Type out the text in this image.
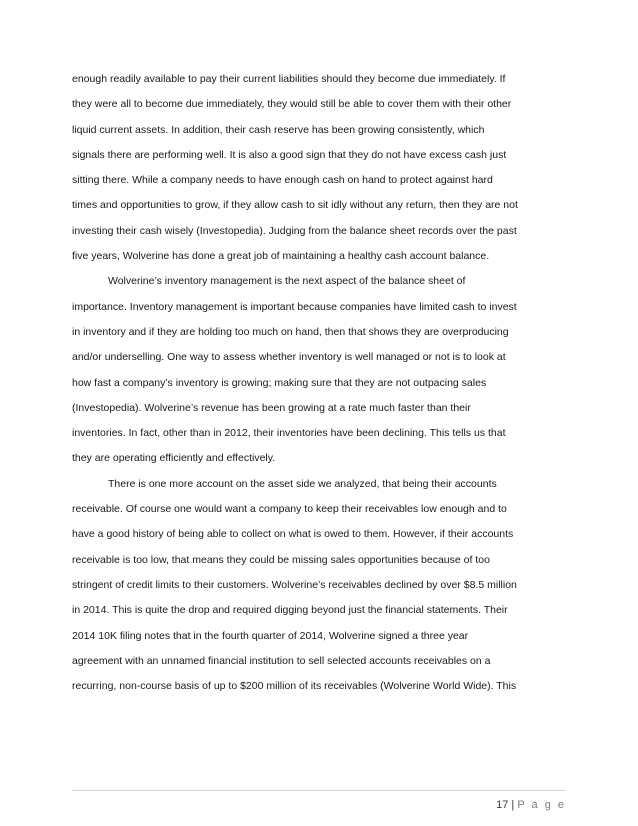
enough readily available to pay their current liabilities should they become due immediately. If
they were all to become due immediately, they would still be able to cover them with their other
liquid current assets. In addition, their cash reserve has been growing consistently, which
signals there are performing well. It is also a good sign that they do not have excess cash just
sitting there. While a company needs to have enough cash on hand to protect against hard
times and opportunities to grow, if they allow cash to sit idly without any return, then they are not
investing their cash wisely (Investopedia). Judging from the balance sheet records over the past
five years, Wolverine has done a great job of maintaining a healthy cash account balance.
Wolverine’s inventory management is the next aspect of the balance sheet of
importance. Inventory management is important because companies have limited cash to invest
in inventory and if they are holding too much on hand, then that shows they are overproducing
and/or underselling. One way to assess whether inventory is well managed or not is to look at
how fast a company’s inventory is growing; making sure that they are not outpacing sales
(Investopedia). Wolverine’s revenue has been growing at a rate much faster than their
inventories. In fact, other than in 2012, their inventories have been declining. This tells us that
they are operating efficiently and effectively.
There is one more account on the asset side we analyzed, that being their accounts
receivable. Of course one would want a company to keep their receivables low enough and to
have a good history of being able to collect on what is owed to them. However, if their accounts
receivable is too low, that means they could be missing sales opportunities because of too
stringent of credit limits to their customers. Wolverine’s receivables declined by over $8.5 million
in 2014. This is quite the drop and required digging beyond just the financial statements. Their
2014 10K filing notes that in the fourth quarter of 2014, Wolverine signed a three year
agreement with an unnamed financial institution to sell selected accounts receivables on a
recurring, non-course basis of up to $200 million of its receivables (Wolverine World Wide). This
17 | P a g e
